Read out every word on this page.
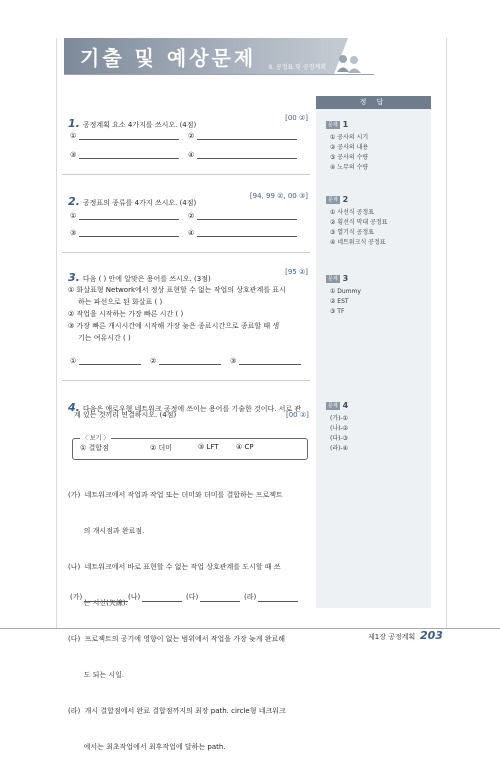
기출 및 예상문제 Ⅱ. 공정표 및 공정계획
정 답
문제 1
① 공사의 시기
② 공사의 내용
③ 공사의 수량
④ 노무의 수량
문제 2
① 사선식 공정표
② 횡선식 막대 공정표
③ 열기식 공정표
④ 네트워크식 공정표
문제 3
① Dummy
② EST
③ TF
문제 4
(가)-①
(나)-②
(다)-③
(라)-④
1. 공정계획 요소 4가지를 쓰시오. (4점)
[00 ②]
①	②
③	④
2. 공정표의 종류를 4가지 쓰시오. (4점)
[94, 99 ②, 00 ③]
①	②
③	④
3. 다음 ( ) 안에 알맞은 용어를 쓰시오. (3점)
[95 ②]
① 화살표형 Network에서 정상 표현할 수 없는 작업의 상호관계를 표시
하는 파선으로 된 화살표 ( )
② 작업을 시작하는 가장 빠른 시간 ( )
③ 가장 빠른 개시시간에 시작해 가장 늦은 종료시간으로 종료할 때 생
기는 여유시간 ( )
①	②	③
4. 다음은 애로우형 네트워크 공정에 쓰이는 용어를 기술한 것이다. 서로 관
계 있는 것끼리 연결하시오. (4점)	[00 ②]
〈 보기 〉
① 결합점	② 더미	③ LFT ④ CP

(가)  네트워크에서 작업과 작업 또는 더미와 더미를 결합하는 프로젝트

의 개시점과 완료점.

(나)  네트워크에서 바로 표현할 수 없는 작업 상호관계를 도시할 때 쓰

는 시선(矢線).

(다)  프로젝트의 공기에 영향이 없는 범위에서 작업을 가장 늦게 완료해

도 되는 시일.

(라)  개시 결합점에서 완료 결합점까지의 최장 path. circle형 네크워크

에서는 최초작업에서 최후작업에 달하는 path.

(가)	(나)	(다)	(라)
제1장 공정계획 203
